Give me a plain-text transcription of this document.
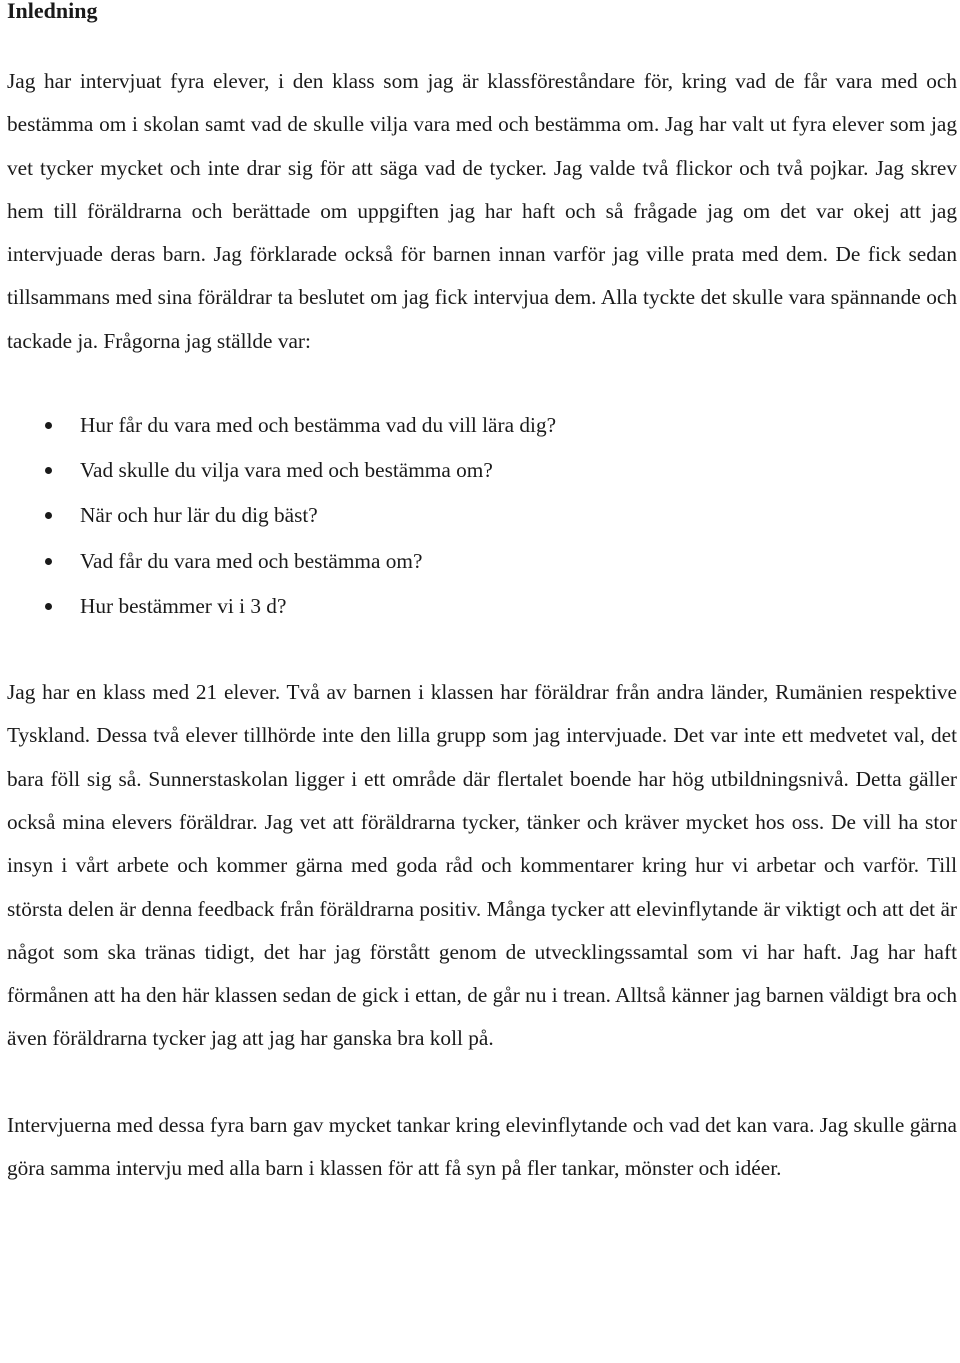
Inledning

Jag har intervjuat fyra elever, i den klass som jag är klassföreståndare för, kring vad de får vara med och bestämma om i skolan samt vad de skulle vilja vara med och bestämma om. Jag har valt ut fyra elever som jag vet tycker mycket och inte drar sig för att säga vad de tycker. Jag valde två flickor och två pojkar. Jag skrev hem till föräldrarna och berättade om uppgiften jag har haft och så frågade jag om det var okej att jag intervjuade deras barn. Jag förklarade också för barnen innan varför jag ville prata med dem. De fick sedan tillsammans med sina föräldrar ta beslutet om jag fick intervjua dem. Alla tyckte det skulle vara spännande och tackade ja. Frågorna jag ställde var:

Hur får du vara med och bestämma vad du vill lära dig?
Vad skulle du vilja vara med och bestämma om?
När och hur lär du dig bäst?
Vad får du vara med och bestämma om?
Hur bestämmer vi i 3 d?

Jag har en klass med 21 elever. Två av barnen i klassen har föräldrar från andra länder, Rumänien respektive Tyskland. Dessa två elever tillhörde inte den lilla grupp som jag intervjuade. Det var inte ett medvetet val, det bara föll sig så. Sunnerstaskolan ligger i ett område där flertalet boende har hög utbildningsnivå. Detta gäller också mina elevers föräldrar. Jag vet att föräldrarna tycker, tänker och kräver mycket hos oss. De vill ha stor insyn i vårt arbete och kommer gärna med goda råd och kommentarer kring hur vi arbetar och varför. Till största delen är denna feedback från föräldrarna positiv. Många tycker att elevinflytande är viktigt och att det är något som ska tränas tidigt, det har jag förstått genom de utvecklingssamtal som vi har haft. Jag har haft förmånen att ha den här klassen sedan de gick i ettan, de går nu i trean. Alltså känner jag barnen väldigt bra och även föräldrarna tycker jag att jag har ganska bra koll på.

Intervjuerna med dessa fyra barn gav mycket tankar kring elevinflytande och vad det kan vara. Jag skulle gärna göra samma intervju med alla barn i klassen för att få syn på fler tankar, mönster och idéer.
